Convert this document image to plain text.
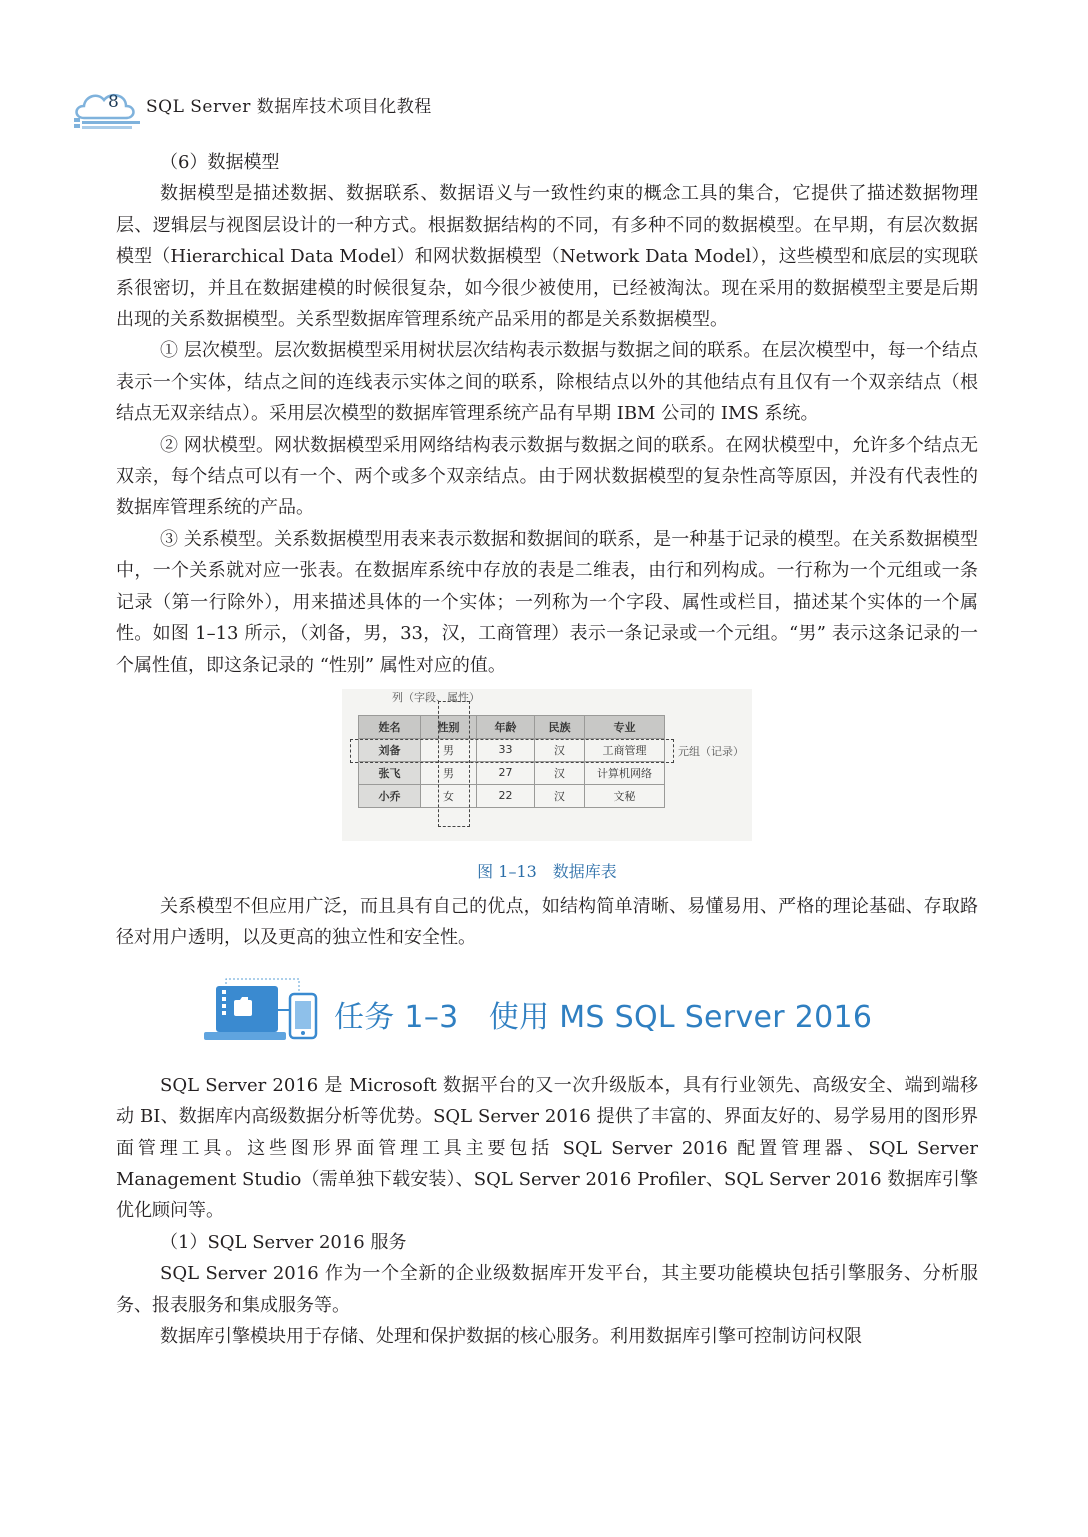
8 SQL Server 数据库技术项目化教程

（6）数据模型

数据模型是描述数据、数据联系、数据语义与一致性约束的概念工具的集合，它提供了描述数据物理层、逻辑层与视图层设计的一种方式。根据数据结构的不同，有多种不同的数据模型。在早期，有层次数据模型（Hierarchical Data Model）和网状数据模型（Network Data Model），这些模型和底层的实现联系很密切，并且在数据建模的时候很复杂，如今很少被使用，已经被淘汰。现在采用的数据模型主要是后期出现的关系数据模型。关系型数据库管理系统产品采用的都是关系数据模型。

① 层次模型。层次数据模型采用树状层次结构表示数据与数据之间的联系。在层次模型中，每一个结点表示一个实体，结点之间的连线表示实体之间的联系，除根结点以外的其他结点有且仅有一个双亲结点（根结点无双亲结点）。采用层次模型的数据库管理系统产品有早期 IBM 公司的 IMS 系统。

② 网状模型。网状数据模型采用网络结构表示数据与数据之间的联系。在网状模型中，允许多个结点无双亲，每个结点可以有一个、两个或多个双亲结点。由于网状数据模型的复杂性高等原因，并没有代表性的数据库管理系统的产品。

③ 关系模型。关系数据模型用表来表示数据和数据间的联系，是一种基于记录的模型。在关系数据模型中，一个关系就对应一张表。在数据库系统中存放的表是二维表，由行和列构成。一行称为一个元组或一条记录（第一行除外），用来描述具体的一个实体；一列称为一个字段、属性或栏目，描述某个实体的一个属性。如图 1–13 所示，（刘备，男，33，汉，工商管理）表示一条记录或一个元组。“男” 表示这条记录的一个属性值，即这条记录的 “性别” 属性对应的值。

列（字段、属性）
姓名	性别	年龄	民族	专业
刘备	男	33	汉	工商管理
张飞	男	27	汉	计算机网络
小乔	女	22	汉	文秘
元组（记录）
图 1–13　数据库表

关系模型不但应用广泛，而且具有自己的优点，如结构简单清晰、易懂易用、严格的理论基础、存取路径对用户透明，以及更高的独立性和安全性。

任务 1–3　使用 MS SQL Server 2016

SQL Server 2016 是 Microsoft 数据平台的又一次升级版本，具有行业领先、高级安全、端到端移动 BI、数据库内高级数据分析等优势。SQL Server 2016 提供了丰富的、界面友好的、易学易用的图形界面管理工具。这些图形界面管理工具主要包括 SQL Server 2016 配置管理器、SQL Server Management Studio（需单独下载安装）、SQL Server 2016 Profiler、SQL Server 2016 数据库引擎优化顾问等。

（1）SQL Server 2016 服务

SQL Server 2016 作为一个全新的企业级数据库开发平台，其主要功能模块包括引擎服务、分析服务、报表服务和集成服务等。

数据库引擎模块用于存储、处理和保护数据的核心服务。利用数据库引擎可控制访问权限
